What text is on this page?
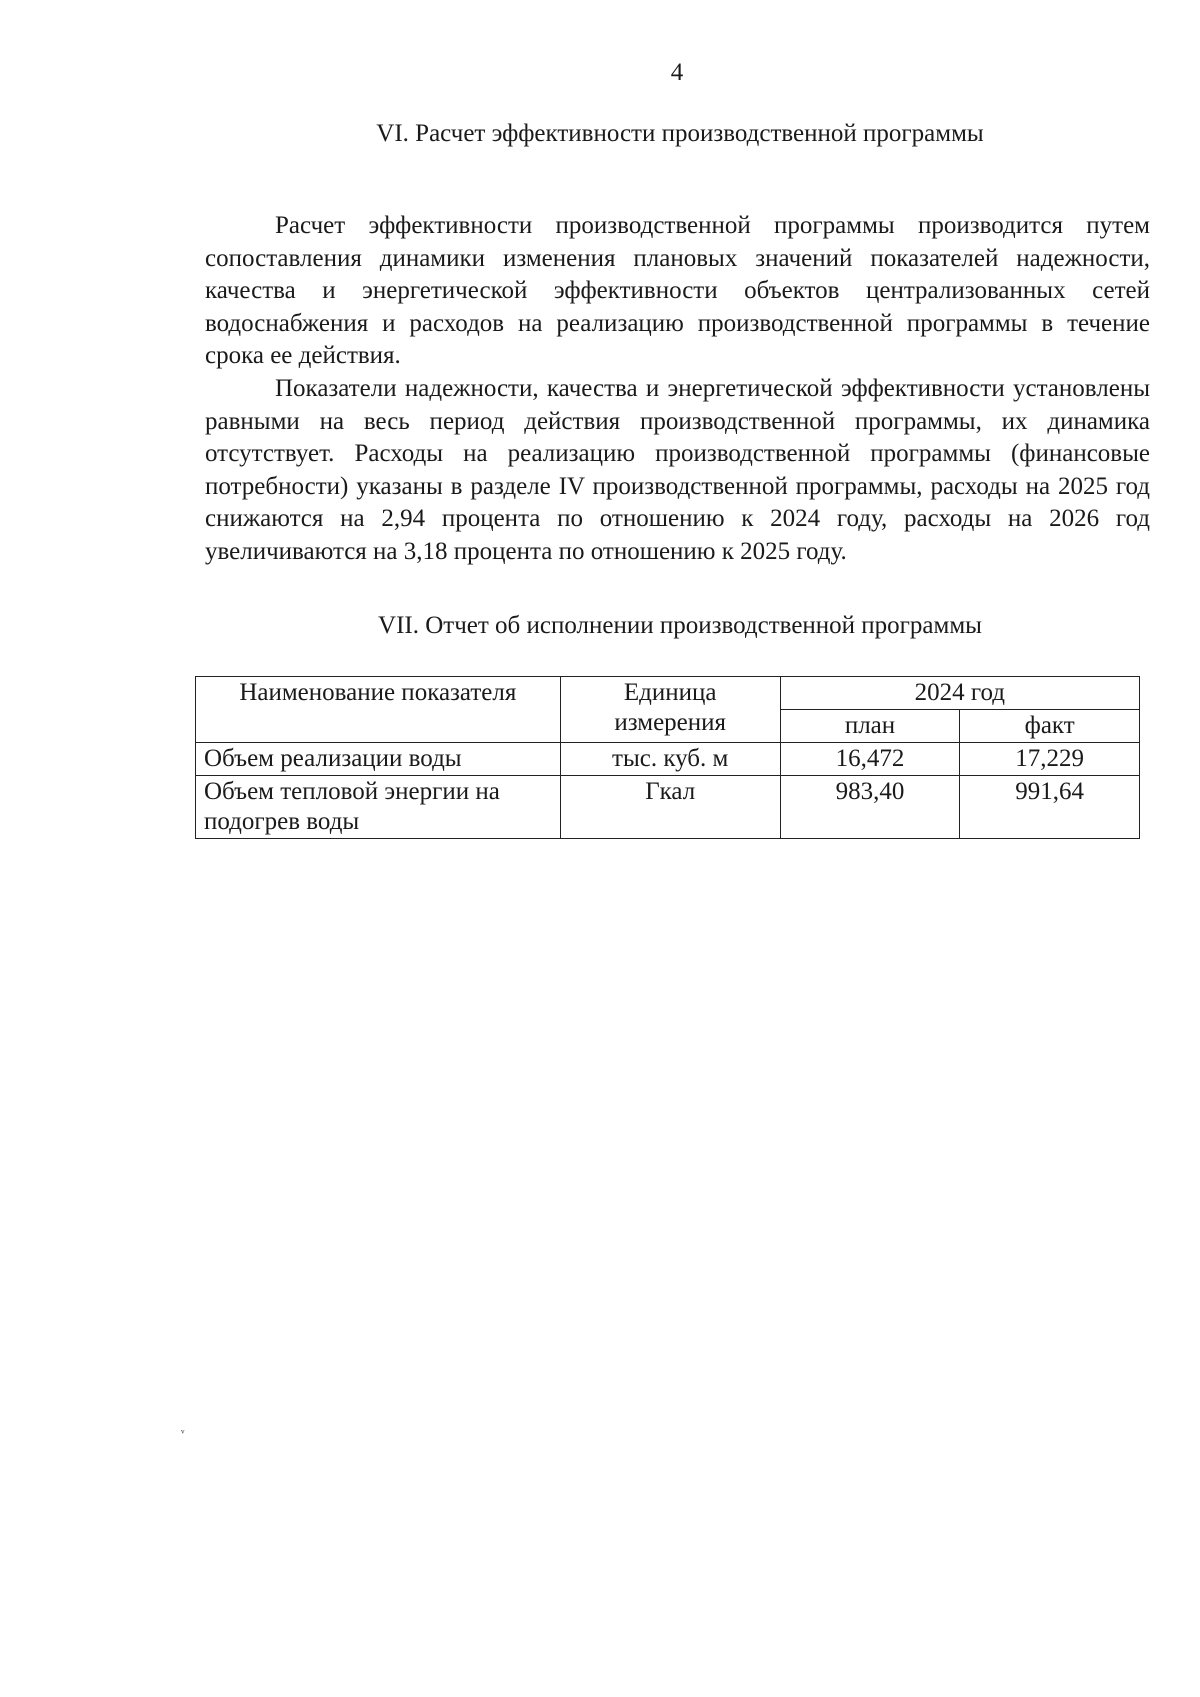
4
VI. Расчет эффективности производственной программы

Расчет эффективности производственной программы производится путем сопоставления динамики изменения плановых значений показателей надежности, качества и энергетической эффективности объектов централизованных сетей водоснабжения и расходов на реализацию производственной программы в течение срока ее действия.

Показатели надежности, качества и энергетической эффективности установлены равными на весь период действия производственной программы, их динамика отсутствует. Расходы на реализацию производственной программы (финансовые потребности) указаны в разделе IV производственной программы, расходы на 2025 год снижаются на 2,94 процента по отношению к 2024 году, расходы на 2026 год увеличиваются на 3,18 процента по отношению к 2025 году.

VII. Отчет об исполнении производственной программы
Наименование показателя	Единица измерения	2024 год	
		план	факт
Объем реализации воды	тыс. куб. м	16,472	17,229
Объем тепловой энергии на подогрев воды	Гкал	983,40	991,64
ᵛ
